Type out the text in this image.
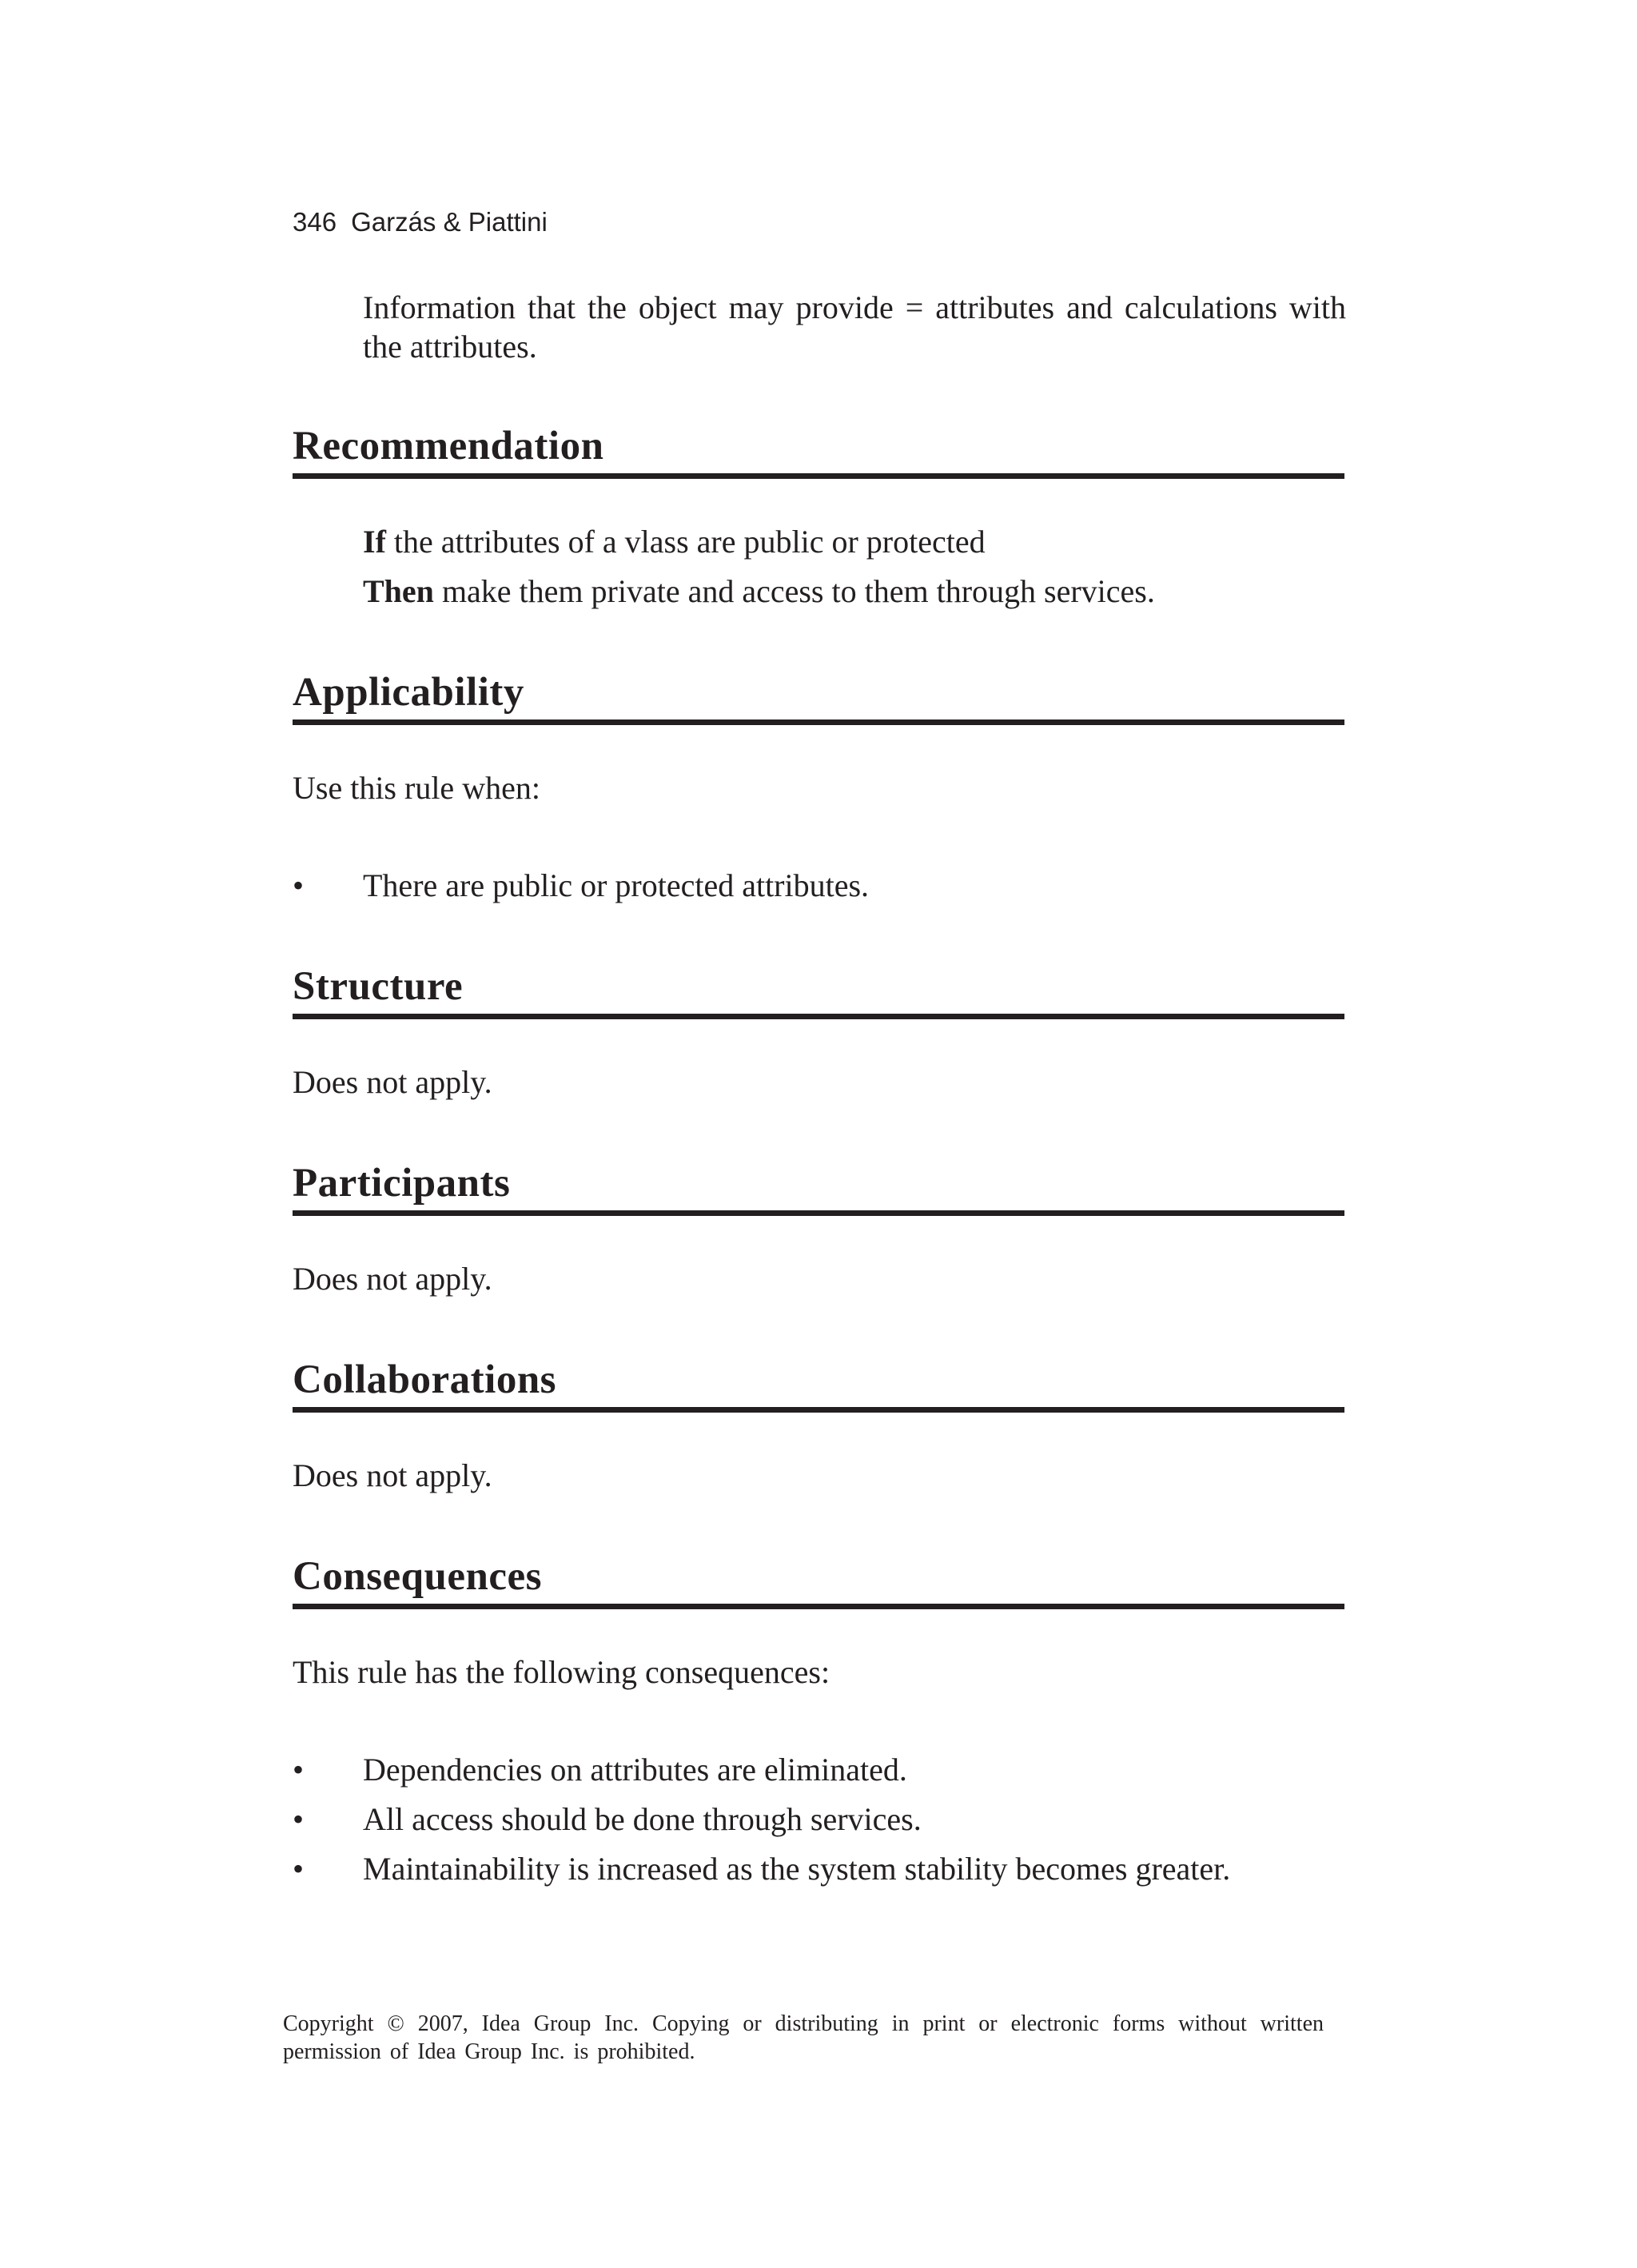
346 Garzás & Piattini
Information that the object may provide = attributes and calculations with the attributes.
Recommendation
If the attributes of a vlass are public or protected
Then make them private and access to them through services.
Applicability
Use this rule when:
•	There are public or protected attributes.
Structure
Does not apply.
Participants
Does not apply.
Collaborations
Does not apply.
Consequences
This rule has the following consequences:
•	Dependencies on attributes are eliminated.
•	All access should be done through services.
•	Maintainability is increased as the system stability becomes greater.
Copyright © 2007, Idea Group Inc. Copying or distributing in print or electronic forms without written permission of Idea Group Inc. is prohibited.
